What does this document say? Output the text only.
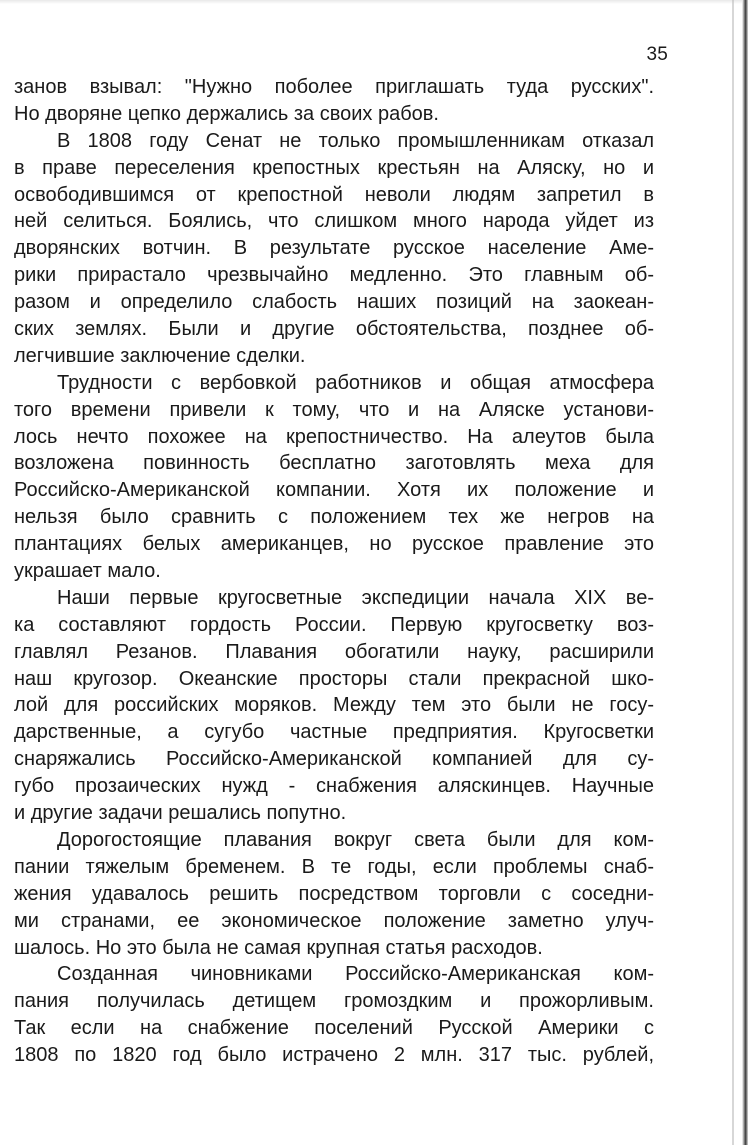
35
занов взывал: "Нужно поболее приглашать туда русских".
Но дворяне цепко держались за своих рабов.
В 1808 году Сенат не только промышленникам отказал
в праве переселения крепостных крестьян на Аляску, но и
освободившимся от крепостной неволи людям запретил в
ней селиться. Боялись, что слишком много народа уйдет из
дворянских вотчин. В результате русское население Аме-
рики прирастало чрезвычайно медленно. Это главным об-
разом и определило слабость наших позиций на заокеан-
ских землях. Были и другие обстоятельства, позднее об-
легчившие заключение сделки.
Трудности с вербовкой работников и общая атмосфера
того времени привели к тому, что и на Аляске установи-
лось нечто похожее на крепостничество. На алеутов была
возложена повинность бесплатно заготовлять меха для
Российско-Американской компании. Хотя их положение и
нельзя было сравнить с положением тех же негров на
плантациях белых американцев, но русское правление это
украшает мало.
Наши первые кругосветные экспедиции начала XIX ве-
ка составляют гордость России. Первую кругосветку воз-
главлял Резанов. Плавания обогатили науку, расширили
наш кругозор. Океанские просторы стали прекрасной шко-
лой для российских моряков. Между тем это были не госу-
дарственные, а сугубо частные предприятия. Кругосветки
снаряжались Российско-Американской компанией для су-
губо прозаических нужд - снабжения аляскинцев. Научные
и другие задачи решались попутно.
Дорогостоящие плавания вокруг света были для ком-
пании тяжелым бременем. В те годы, если проблемы снаб-
жения удавалось решить посредством торговли с соседни-
ми странами, ее экономическое положение заметно улуч-
шалось. Но это была не самая крупная статья расходов.
Созданная чиновниками Российско-Американская ком-
пания получилась детищем громоздким и прожорливым.
Так если на снабжение поселений Русской Америки с
1808 по 1820 год было истрачено 2 млн. 317 тыс. рублей,
